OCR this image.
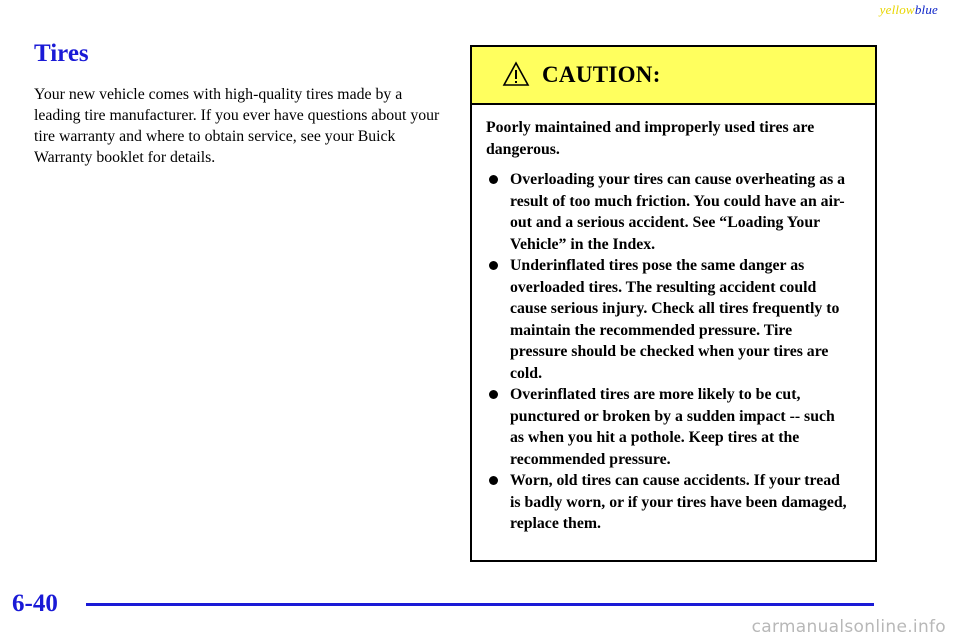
yellowblue
Tires
Your new vehicle comes with high-quality tires made by a leading tire manufacturer. If you ever have questions about your tire warranty and where to obtain service, see your Buick Warranty booklet for details.
CAUTION:

Poorly maintained and improperly used tires are dangerous.

Overloading your tires can cause overheating as a result of too much friction. You could have an air-out and a serious accident. See “Loading Your Vehicle” in the Index.
Underinflated tires pose the same danger as overloaded tires. The resulting accident could cause serious injury. Check all tires frequently to maintain the recommended pressure. Tire pressure should be checked when your tires are cold.
Overinflated tires are more likely to be cut, punctured or broken by a sudden impact -- such as when you hit a pothole. Keep tires at the recommended pressure.
Worn, old tires can cause accidents. If your tread is badly worn, or if your tires have been damaged, replace them.
6-40
carmanualsonline.info
